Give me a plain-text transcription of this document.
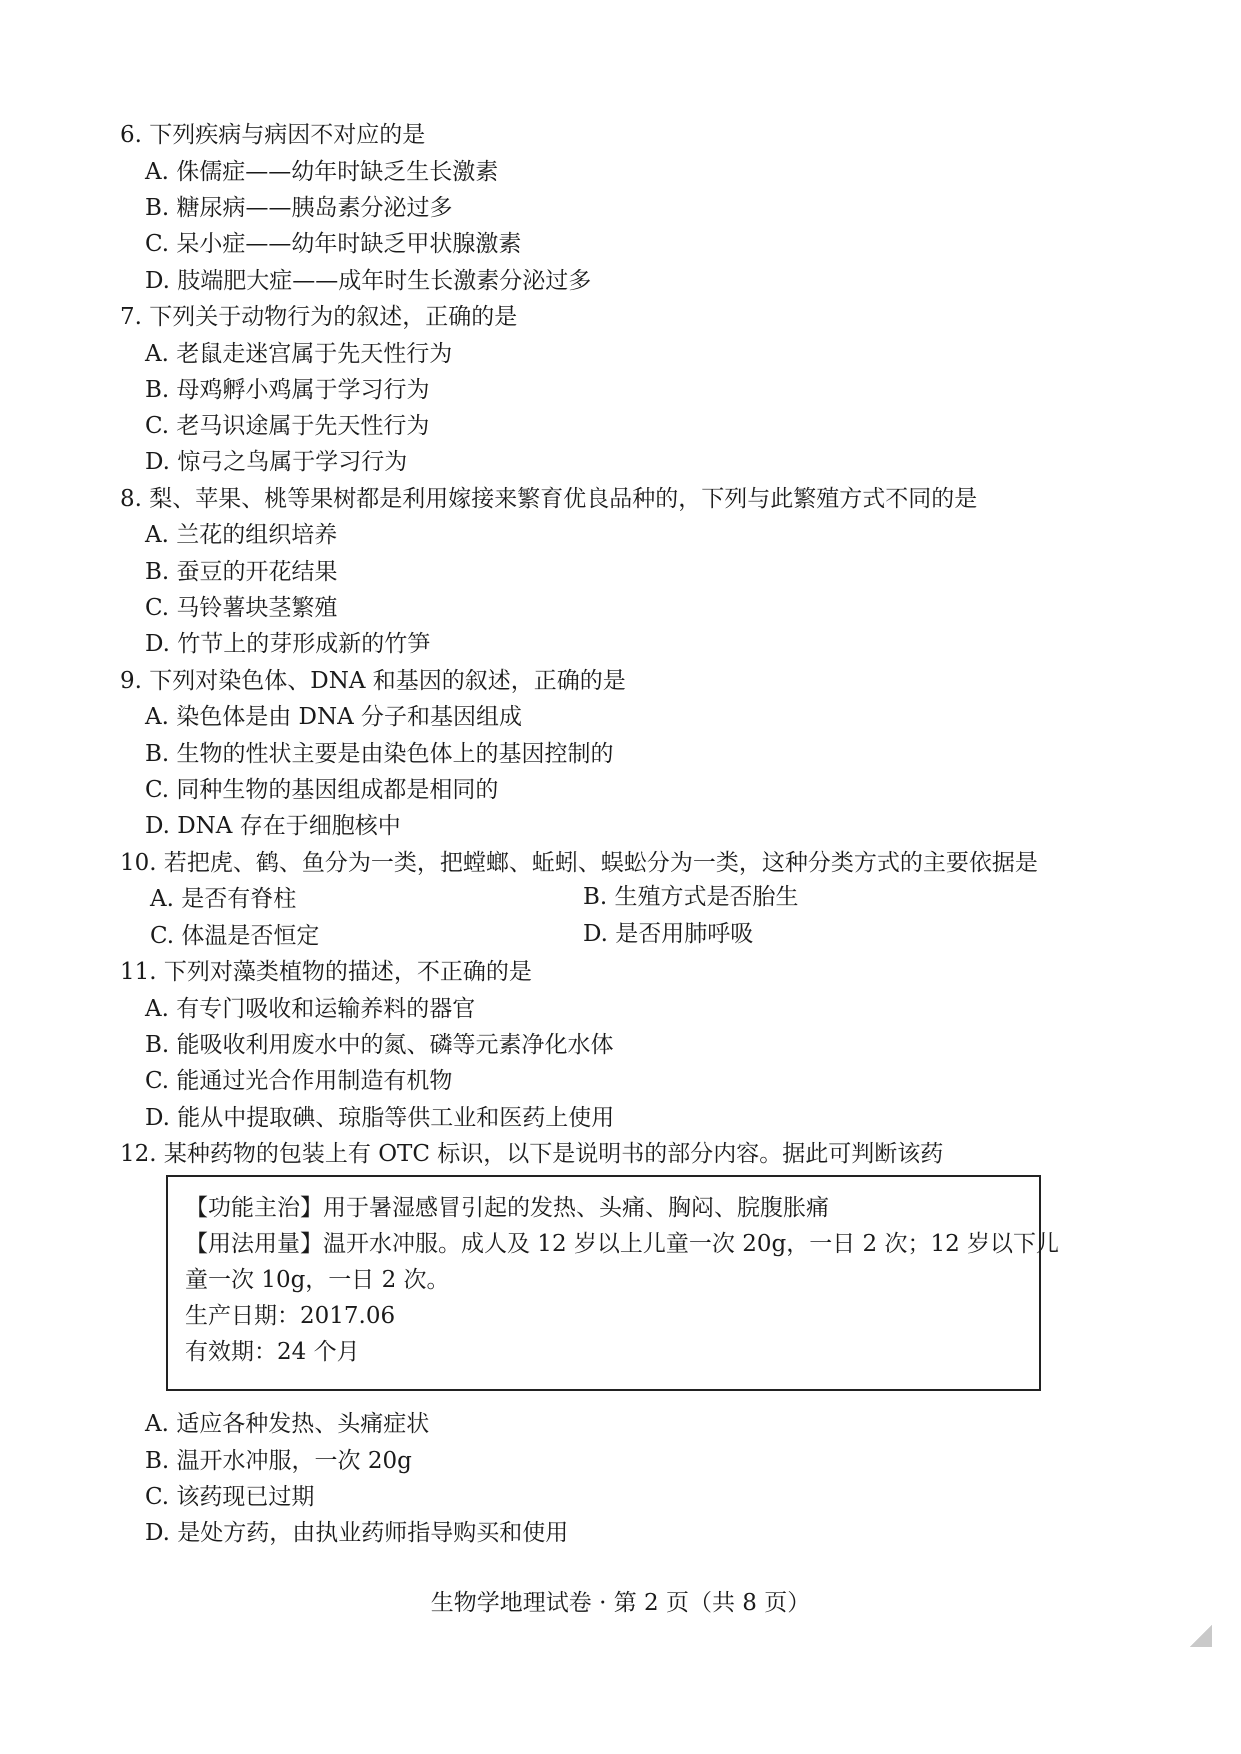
6. 下列疾病与病因不对应的是
A. 侏儒症——幼年时缺乏生长激素
B. 糖尿病——胰岛素分泌过多
C. 呆小症——幼年时缺乏甲状腺激素
D. 肢端肥大症——成年时生长激素分泌过多
7. 下列关于动物行为的叙述，正确的是
A. 老鼠走迷宫属于先天性行为
B. 母鸡孵小鸡属于学习行为
C. 老马识途属于先天性行为
D. 惊弓之鸟属于学习行为
8. 梨、苹果、桃等果树都是利用嫁接来繁育优良品种的，下列与此繁殖方式不同的是
A. 兰花的组织培养
B. 蚕豆的开花结果
C. 马铃薯块茎繁殖
D. 竹节上的芽形成新的竹笋
9. 下列对染色体、DNA 和基因的叙述，正确的是
A. 染色体是由 DNA 分子和基因组成
B. 生物的性状主要是由染色体上的基因控制的
C. 同种生物的基因组成都是相同的
D. DNA 存在于细胞核中
10. 若把虎、鹤、鱼分为一类，把螳螂、蚯蚓、蜈蚣分为一类，这种分类方式的主要依据是
A. 是否有脊柱	B. 生殖方式是否胎生
C. 体温是否恒定	D. 是否用肺呼吸
11. 下列对藻类植物的描述，不正确的是
A. 有专门吸收和运输养料的器官
B. 能吸收利用废水中的氮、磷等元素净化水体
C. 能通过光合作用制造有机物
D. 能从中提取碘、琼脂等供工业和医药上使用
12. 某种药物的包装上有 OTC 标识，以下是说明书的部分内容。据此可判断该药
【功能主治】用于暑湿感冒引起的发热、头痛、胸闷、脘腹胀痛
【用法用量】温开水冲服。成人及 12 岁以上儿童一次 20g，一日 2 次；12 岁以下儿
童一次 10g，一日 2 次。
生产日期：2017.06
有效期：24 个月
A. 适应各种发热、头痛症状
B. 温开水冲服，一次 20g
C. 该药现已过期
D. 是处方药，由执业药师指导购买和使用
生物学地理试卷 · 第 2 页（共 8 页）
